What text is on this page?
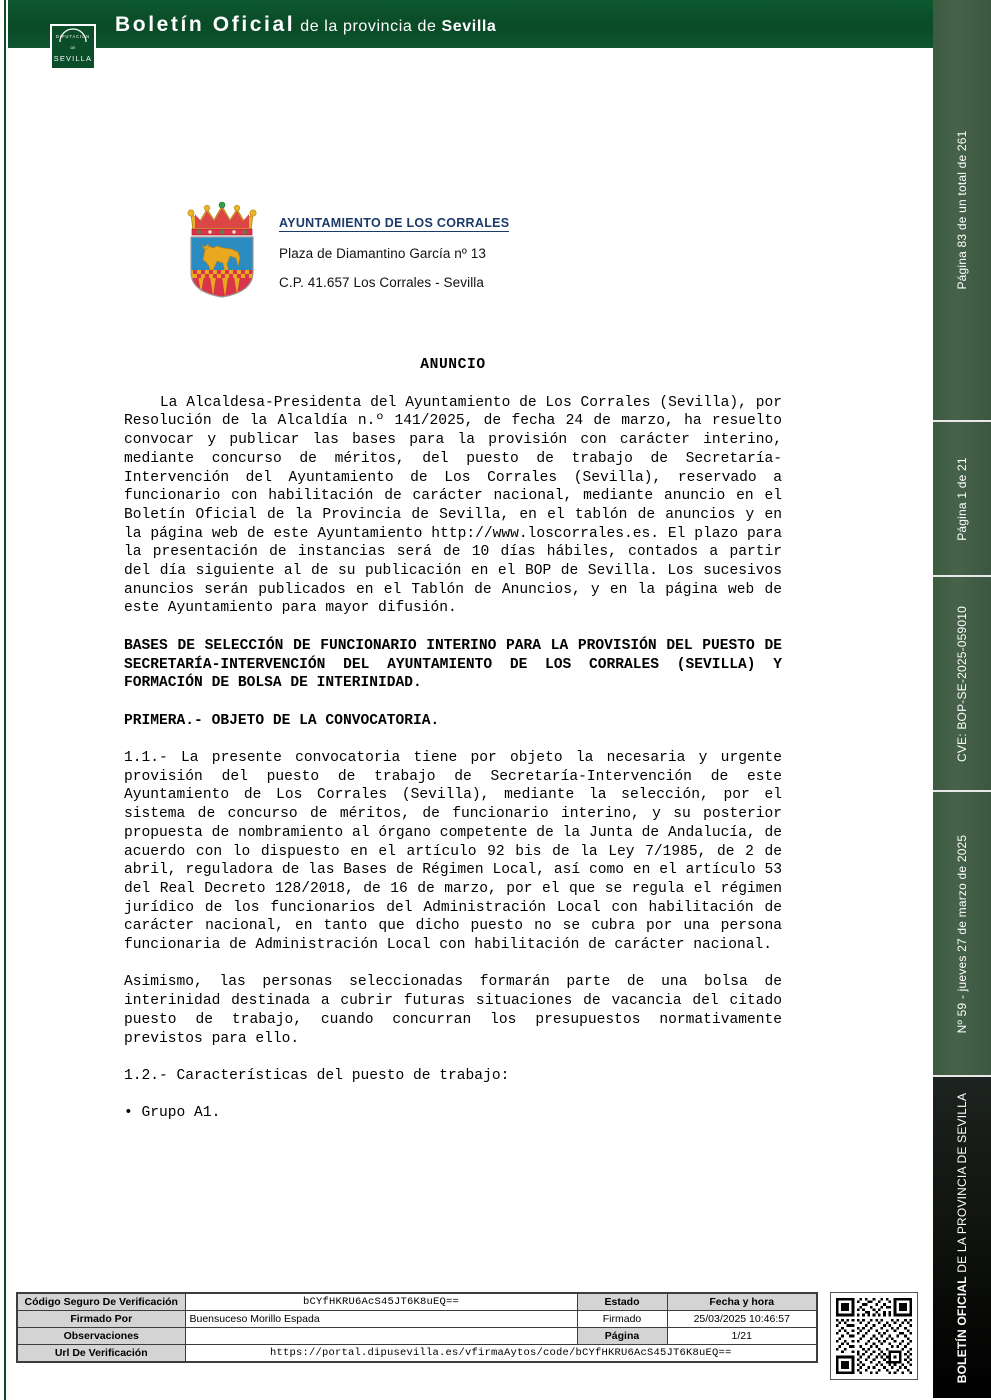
Boletín Oficial de la provincia de Sevilla
DIPUTACION
DE
SEVILLA
AYUNTAMIENTO DE LOS CORRALES
Plaza de Diamantino García nº 13
C.P. 41.657 Los Corrales - Sevilla
ANUNCIO

La Alcaldesa-Presidenta del Ayuntamiento de Los Corrales (Sevilla), por Resolución de la Alcaldía n.º 141/2025, de fecha 24 de marzo, ha resuelto convocar y publicar las bases para la provisión con carácter interino, mediante concurso de méritos, del puesto de trabajo de Secretaría-Intervención del Ayuntamiento de Los Corrales (Sevilla), reservado a funcionario con habilitación de carácter nacional, mediante anuncio en el Boletín Oficial de la Provincia de Sevilla, en el tablón de anuncios y en la página web de este Ayuntamiento http://www.loscorrales.es. El plazo para la presentación de instancias será de 10 días hábiles, contados a partir del día siguiente al de su publicación en el BOP de Sevilla. Los sucesivos anuncios serán publicados en el Tablón de Anuncios, y en la página web de este Ayuntamiento para mayor difusión.

BASES DE SELECCIÓN DE FUNCIONARIO INTERINO PARA LA PROVISIÓN DEL PUESTO DE SECRETARÍA-INTERVENCIÓN DEL AYUNTAMIENTO DE LOS CORRALES (SEVILLA) Y FORMACIÓN DE BOLSA DE INTERINIDAD.

PRIMERA.- OBJETO DE LA CONVOCATORIA.

1.1.- La presente convocatoria tiene por objeto la necesaria y urgente provisión del puesto de trabajo de Secretaría-Intervención de este Ayuntamiento de Los Corrales (Sevilla), mediante la selección, por el sistema de concurso de méritos, de funcionario interino, y su posterior propuesta de nombramiento al órgano competente de la Junta de Andalucía, de acuerdo con lo dispuesto en el artículo 92 bis de la Ley 7/1985, de 2 de abril, reguladora de las Bases de Régimen Local, así como en el artículo 53 del Real Decreto 128/2018, de 16 de marzo, por el que se regula el régimen jurídico de los funcionarios del Administración Local con habilitación de carácter nacional, en tanto que dicho puesto no se cubra por una persona funcionaria de Administración Local con habilitación de carácter nacional.

Asimismo, las personas seleccionadas formarán parte de una bolsa de interinidad destinada a cubrir futuras situaciones de vacancia del citado puesto de trabajo, cuando concurran los presupuestos normativamente previstos para ello.

1.2.- Características del puesto de trabajo:

• Grupo A1.

Página 83 de un total de 261
Página 1 de 21
CVE: BOP-SE-2025-059010
Nº 59 - jueves 27 de marzo de 2025
BOLETÍN OFICIAL DE LA PROVINCIA DE SEVILLA
Código Seguro De Verificación	bCYfHKRU6AcS45JT6K8uEQ==	Estado	Fecha y hora
Firmado Por	Buensuceso Morillo Espada	Firmado	25/03/2025 10:46:57
Observaciones		Página	1/21
Url De Verificación	https://portal.dipusevilla.es/vfirmaAytos/code/bCYfHKRU6AcS45JT6K8uEQ==		
